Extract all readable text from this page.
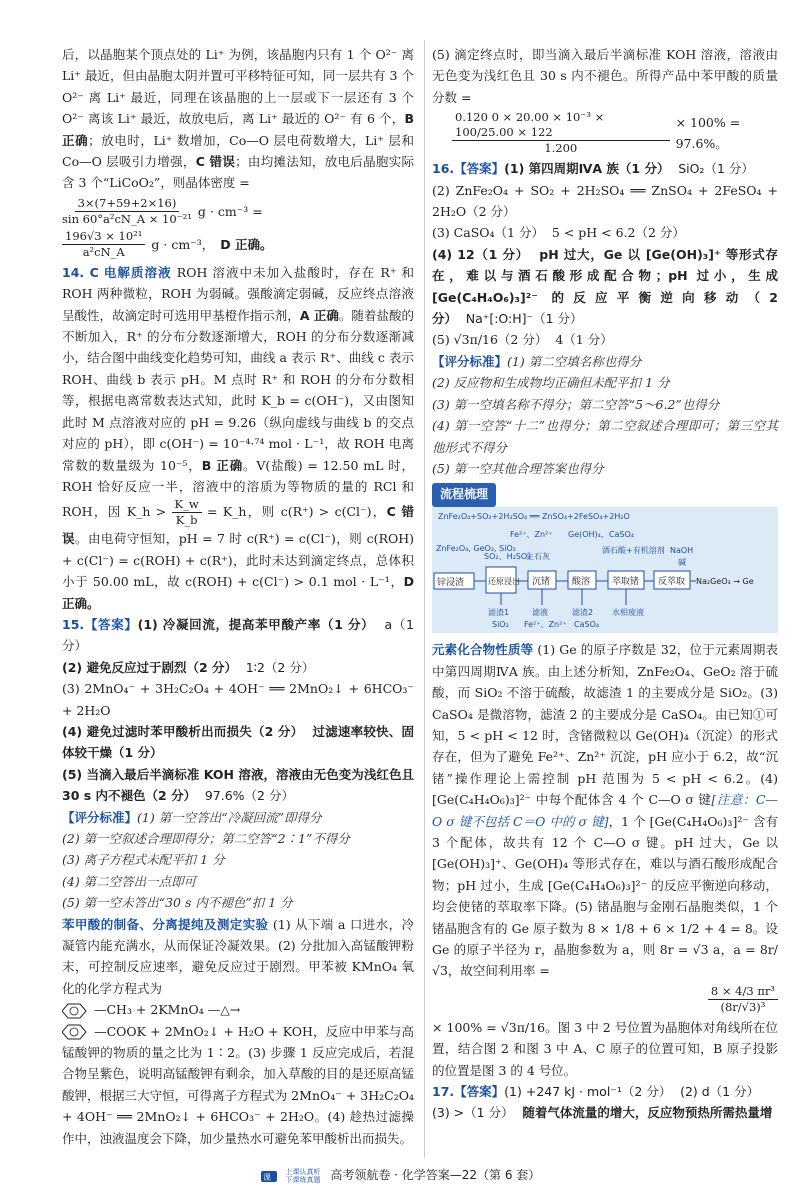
后，以晶胞某个顶点处的 Li⁺ 为例，该晶胞内只有 1 个 O²⁻ 离 Li⁺ 最近，但由晶胞太阴并置可平移特征可知，同一层共有 3 个 O²⁻ 离 Li⁺ 最近，同理在该晶胞的上一层或下一层还有 3 个 O²⁻ 离该 Li⁺ 最近，故放电后，离 Li⁺ 最近的 O²⁻ 有 6 个，B 正确；放电时，Li⁺ 数增加，Co—O 层电荷数增大，Li⁺ 层和 Co—O 层吸引力增强，C 错误；由均摊法知，放电后晶胞实际含 3 个“LiCoO₂”，则晶体密度 =

$\frac{3\times(7+59+2\times 16)}{\text{sin 60°a²cN\_A × 10⁻²¹}}$ g · cm⁻³ =
$\frac{\text{196√3 × 10²¹}}{\text{a²cN\_A}}$ g · cm⁻³， D 正确。

14. C 电解质溶液 ROH 溶液中未加入盐酸时，存在 R⁺ 和 ROH 两种微粒，ROH 为弱碱。强酸滴定弱碱，反应终点溶液呈酸性，故滴定时可选用甲基橙作指示剂，A 正确。随着盐酸的不断加入，R⁺ 的分布分数逐渐增大，ROH 的分布分数逐渐减小，结合图中曲线变化趋势可知，曲线 a 表示 R⁺、曲线 c 表示 ROH、曲线 b 表示 pH。M 点时 R⁺ 和 ROH 的分布分数相等，根据电离常数表达式知，此时 K_b = c(OH⁻)，又由图知此时 M 点溶液对应的 pH = 9.26（纵向虚线与曲线 b 的交点对应的 pH），即 c(OH⁻) = 10⁻⁴·⁷⁴ mol · L⁻¹，故 ROH 电离常数的数量级为 10⁻⁵，B 正确。V(盐酸) = 12.50 mL 时，ROH 恰好反应一半，溶液中的溶质为等物质的量的 RCl 和 ROH，因 K_h > $\frac{K\_w}{K\_b}$ = K_h，则 c(R⁺) > c(Cl⁻)，C 错误。由电荷守恒知，pH = 7 时 c(R⁺) = c(Cl⁻)，则 c(ROH) + c(Cl⁻) = c(ROH) + c(R⁺)，此时未达到滴定终点，总体积小于 50.00 mL，故 c(ROH) + c(Cl⁻) > 0.1 mol · L⁻¹，D 正确。

15.【答案】(1) 冷凝回流，提高苯甲酸产率（1 分） a（1 分）

(2) 避免反应过于剧烈（2 分） 1∶2（2 分）

(3) 2MnO₄⁻ + 3H₂C₂O₄ + 4OH⁻ ══ 2MnO₂↓ + 6HCO₃⁻ + 2H₂O

(4) 避免过滤时苯甲酸析出而损失（2 分） 过滤速率较快、固体较干燥（1 分）

(5) 当滴入最后半滴标准 KOH 溶液，溶液由无色变为浅红色且 30 s 内不褪色（2 分） 97.6%（2 分）

【评分标准】(1) 第一空答出“冷凝回流”即得分

(2) 第一空叙述合理即得分；第二空答“2∶1”不得分

(3) 离子方程式未配平扣 1 分

(4) 第二空答出一点即可

(5) 第一空未答出“30 s 内不褪色”扣 1 分

苯甲酸的制备、分离提纯及测定实验 (1) 从下端 a 口进水，冷凝管内能充满水，从而保证冷凝效果。(2) 分批加入高锰酸钾粉末，可控制反应速率，避免反应过于剧烈。甲苯被 KMnO₄ 氧化的化学方程式为

—CH₃ + 2KMnO₄ —△→

—COOK + 2MnO₂↓ + H₂O + KOH，反应中甲苯与高锰酸钾的物质的量之比为 1∶2。(3) 步骤 1 反应完成后，若混合物呈紫色，说明高锰酸钾有剩余，加入草酸的目的是还原高锰酸钾，根据三大守恒，可得离子方程式为 2MnO₄⁻ + 3H₂C₂O₄ + 4OH⁻ ══ 2MnO₂↓ + 6HCO₃⁻ + 2H₂O。(4) 趁热过滤操作中，浊液温度会下降，加少量热水可避免苯甲酸析出而损失。

(5) 滴定终点时，即当滴入最后半滴标准 KOH 溶液，溶液由无色变为浅红色且 30 s 内不褪色。所得产品中苯甲酸的质量分数 =

$\frac{\text{0.120 0 × 20.00 × 10⁻³ × 100/25.00 × 122}}{1.200} \times 100\% = 97.6\%$。

16.【答案】(1) 第四周期ⅣA 族（1 分） SiO₂（1 分）

(2) ZnFe₂O₄ + SO₂ + 2H₂SO₄ ══ ZnSO₄ + 2FeSO₄ + 2H₂O（2 分）

(3) CaSO₄（1 分） 5 < pH < 6.2（2 分）

(4) 12（1 分） pH 过大，Ge 以 [Ge(OH)₃]⁺ 等形式存在，难以与酒石酸形成配合物；pH 过小，生成 [Ge(C₄H₄O₆)₃]²⁻ 的反应平衡逆向移动（2 分） Na⁺[:O:H]⁻（1 分）

(5) √3π/16（2 分） 4（1 分）

【评分标准】(1) 第二空填名称也得分

(2) 反应物和生成物均正确但未配平扣 1 分

(3) 第一空填名称不得分；第二空答“5～6.2”也得分

(4) 第一空答“十二”也得分；第二空叙述合理即可；第三空其他形式不得分

(5) 第一空其他合理答案也得分

流程梳理
ZnFe₂O₄+SO₂+2H₂SO₄ ══ ZnSO₄+2FeSO₄+2H₂O
ZnFe₂O₄, GeO₂, SiO₂
锌浸渣	还原浸出 沉锗 酸溶 萃取锗 反萃取 Na₂GeO₃ → Ge
SO₂、H₂SO₄
生石灰
酒石酸+有机溶剂 NaOH
Fe²⁺、Zn²⁺ Ge(OH)₄、CaSO₄
碱
滤渣1	滤液	滤渣2 水相废液
SiO₂ Fe²⁺、Zn²⁺ CaSO₄

元素化合物性质等 (1) Ge 的原子序数是 32，位于元素周期表中第四周期ⅣA 族。由上述分析知，ZnFe₂O₄、GeO₂ 溶于硫酸，而 SiO₂ 不溶于硫酸，故滤渣 1 的主要成分是 SiO₂。(3) CaSO₄ 是微溶物，滤渣 2 的主要成分是 CaSO₄。由已知①可知，5 < pH < 12 时，含锗微粒以 Ge(OH)₄（沉淀）的形式存在，但为了避免 Fe²⁺、Zn²⁺ 沉淀，pH 应小于 6.2，故“沉锗”操作理论上需控制 pH 范围为 5 < pH < 6.2。(4) [Ge(C₄H₄O₆)₃]²⁻ 中每个配体含 4 个 C—O σ 键[注意：C—O σ 键不包括 C＝O 中的 σ 键]，1 个 [Ge(C₄H₄O₆)₃]²⁻ 含有 3 个配体，故共有 12 个 C—O σ 键。pH 过大，Ge 以 [Ge(OH)₃]⁺、Ge(OH)₄ 等形式存在，难以与酒石酸形成配合物；pH 过小，生成 [Ge(C₄H₄O₆)₃]²⁻ 的反应平衡逆向移动，均会使锗的萃取率下降。(5) 锗晶胞与金刚石晶胞类似，1 个锗晶胞含有的 Ge 原子数为 8 × 1/8 + 6 × 1/2 + 4 = 8。设 Ge 的原子半径为 r，晶胞参数为 a，则 8r = √3 a，a = 8r/√3，故空间利用率 =

$\frac{\text{8 × 4/3 πr³}}{\text{(8r/√3)³}}$

× 100% = √3π/16。图 3 中 2 号位置为晶胞体对角线所在位置，结合图 2 和图 3 中 A、C 原子的位置可知，B 原子投影的位置是图 3 的 4 号位。

17.【答案】(1) +247 kJ · mol⁻¹（2 分） (2) d（1 分）

(3) >（1 分） 随着气体流量的增大，反应物预热所需热量增

课
上课认真听
下课练真题 高考领航卷 · 化学答案—22（第 6 套）
